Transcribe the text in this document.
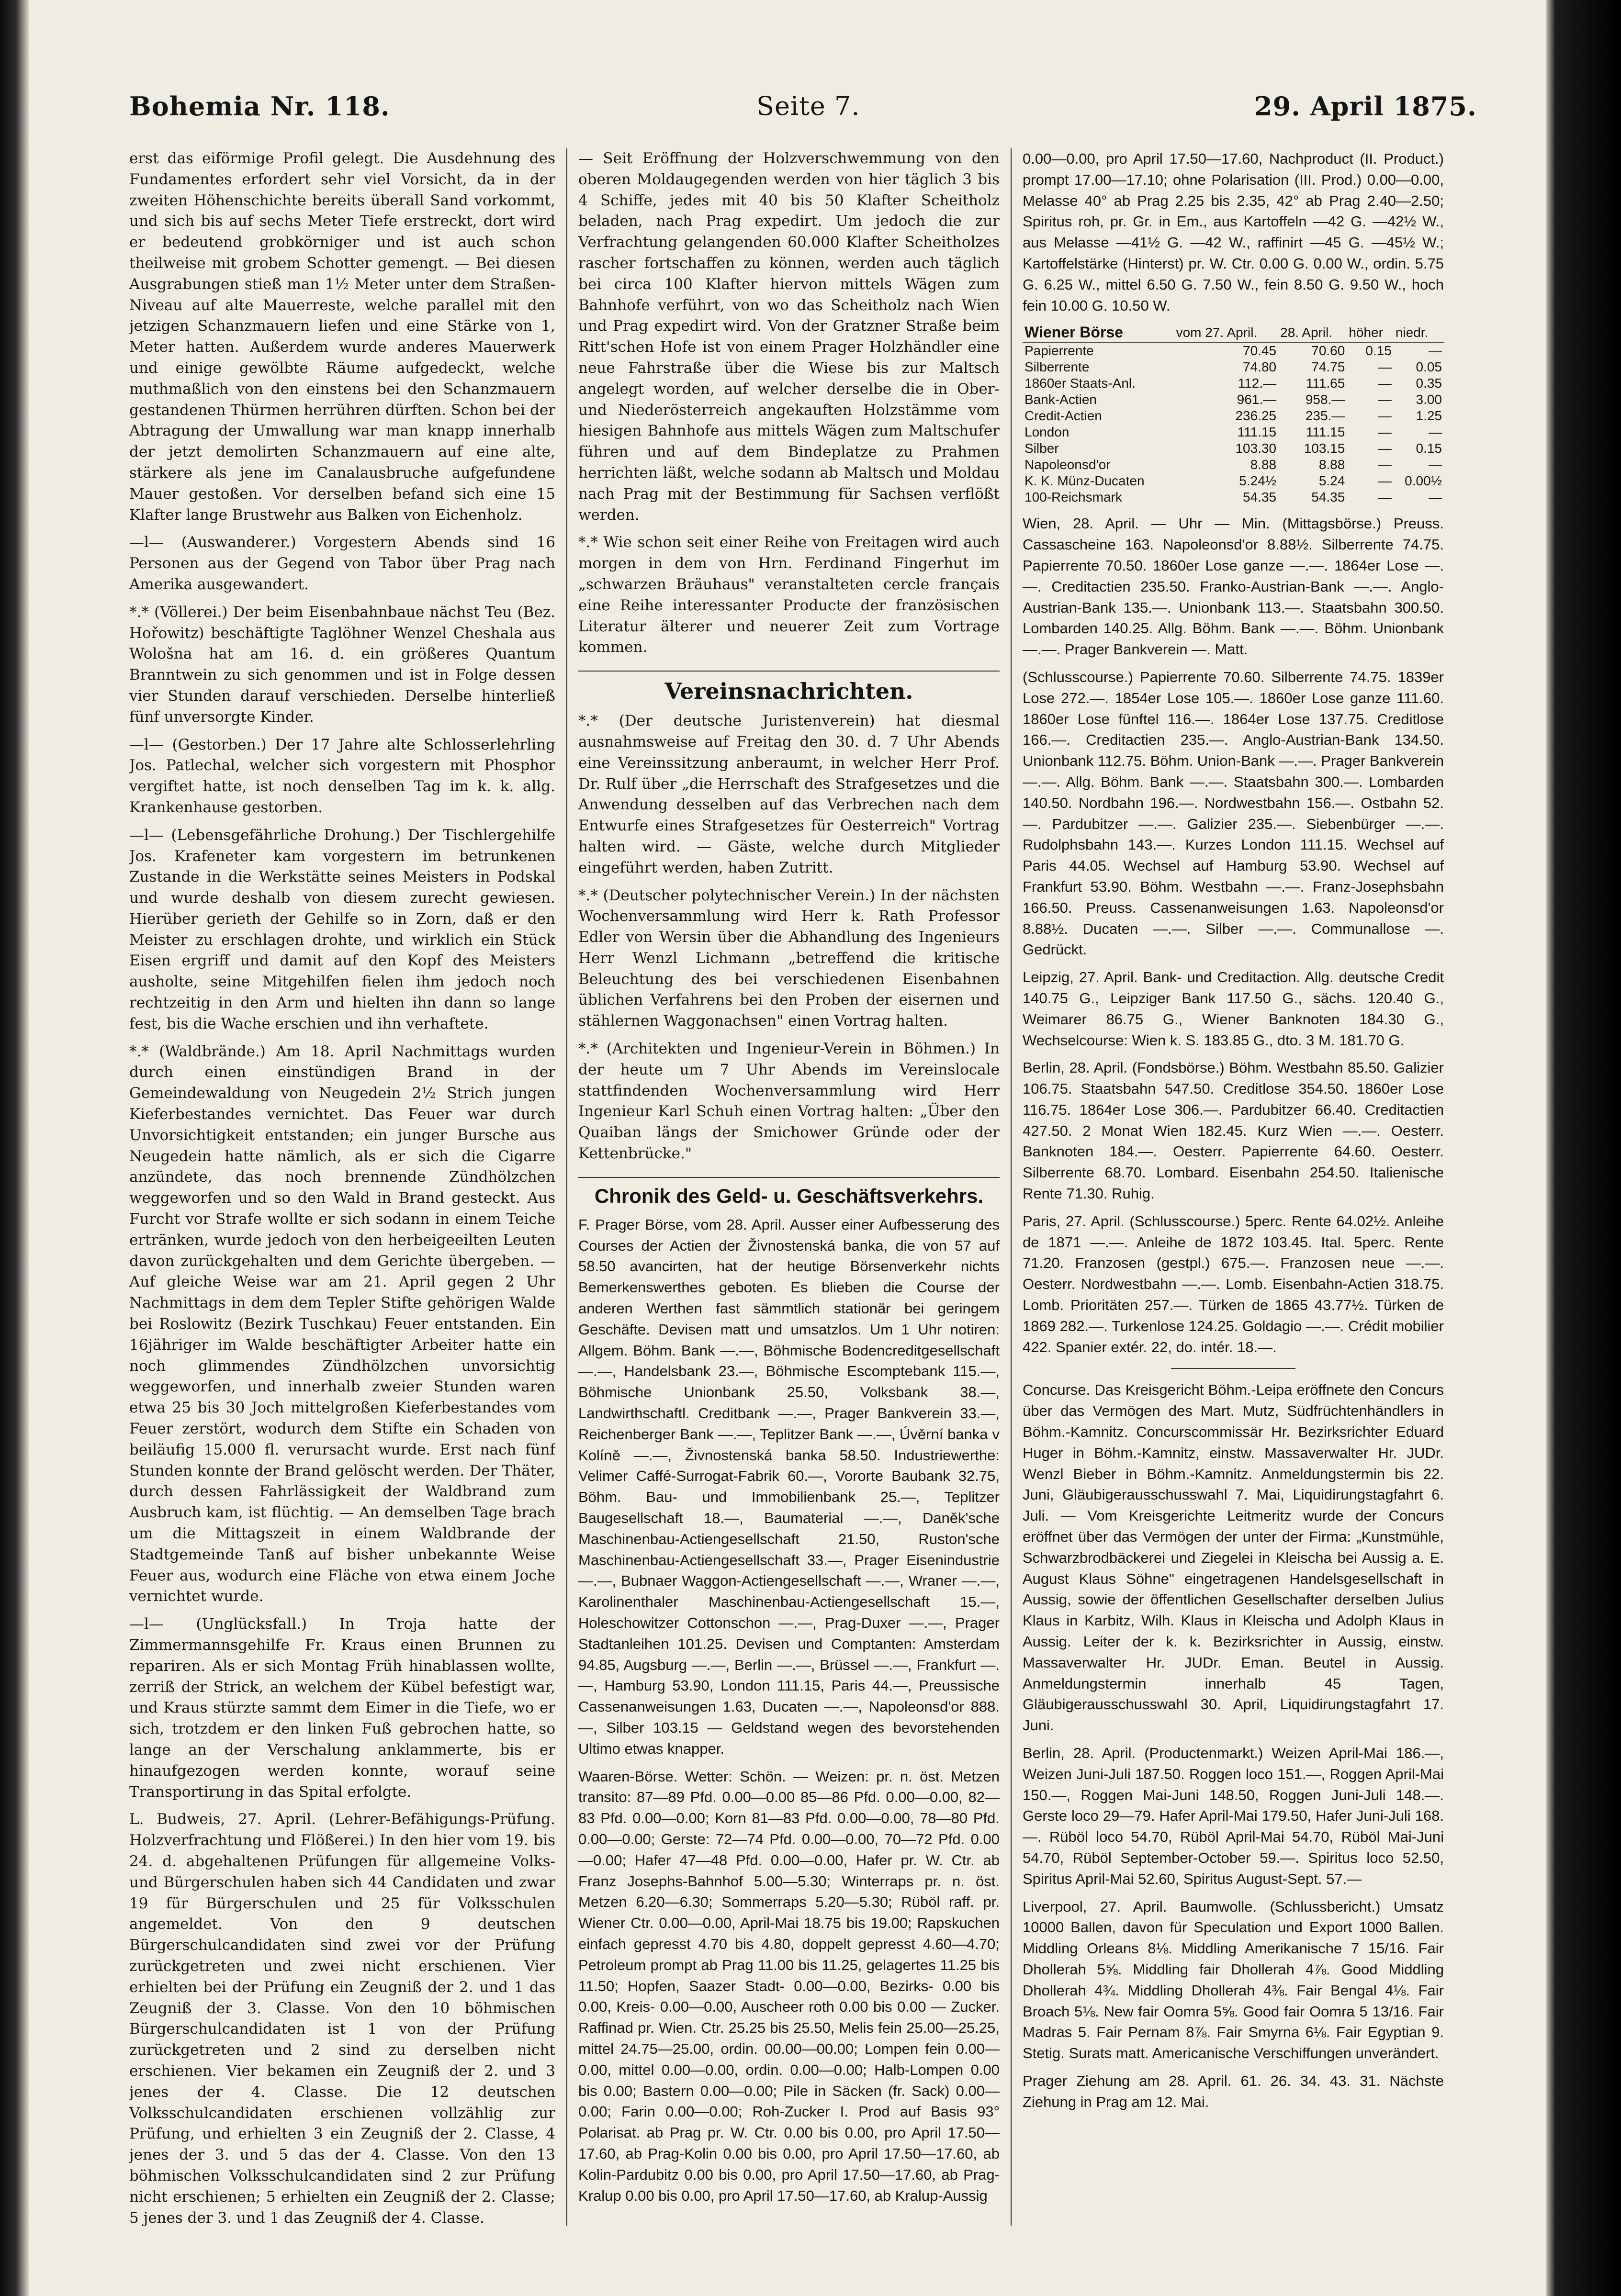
Bohemia Nr. 118.	Seite 7.	29. April 1875.

erst das eiförmige Profil gelegt. Die Ausdehnung des Fundamentes erfordert sehr viel Vorsicht, da in der zweiten Höhenschichte bereits überall Sand vorkommt, und sich bis auf sechs Meter Tiefe erstreckt, dort wird er bedeutend grobkörniger und ist auch schon theilweise mit grobem Schotter gemengt. — Bei diesen Ausgrabungen stieß man 1½ Meter unter dem Straßen-Niveau auf alte Mauerreste, welche parallel mit den jetzigen Schanzmauern liefen und eine Stärke von 1, Meter hatten. Außerdem wurde anderes Mauerwerk und einige gewölbte Räume aufgedeckt, welche muthmaßlich von den einstens bei den Schanzmauern gestandenen Thürmen herrühren dürften. Schon bei der Abtragung der Umwallung war man knapp innerhalb der jetzt demolirten Schanzmauern auf eine alte, stärkere als jene im Canalausbruche aufgefundene Mauer gestoßen. Vor derselben befand sich eine 15 Klafter lange Brustwehr aus Balken von Eichenholz.

—l— (Auswanderer.) Vorgestern Abends sind 16 Personen aus der Gegend von Tabor über Prag nach Amerika ausgewandert.

*.* (Völlerei.) Der beim Eisenbahnbaue nächst Teu (Bez. Hořowitz) beschäftigte Taglöhner Wenzel Cheshala aus Wološna hat am 16. d. ein größeres Quantum Branntwein zu sich genommen und ist in Folge dessen vier Stunden darauf verschieden. Derselbe hinterließ fünf unversorgte Kinder.

—l— (Gestorben.) Der 17 Jahre alte Schlosserlehrling Jos. Patlechal, welcher sich vorgestern mit Phosphor vergiftet hatte, ist noch denselben Tag im k. k. allg. Krankenhause gestorben.

—l— (Lebensgefährliche Drohung.) Der Tischlergehilfe Jos. Krafeneter kam vorgestern im betrunkenen Zustande in die Werkstätte seines Meisters in Podskal und wurde deshalb von diesem zurecht gewiesen. Hierüber gerieth der Gehilfe so in Zorn, daß er den Meister zu erschlagen drohte, und wirklich ein Stück Eisen ergriff und damit auf den Kopf des Meisters ausholte, seine Mitgehilfen fielen ihm jedoch noch rechtzeitig in den Arm und hielten ihn dann so lange fest, bis die Wache erschien und ihn verhaftete.

*.* (Waldbrände.) Am 18. April Nachmittags wurden durch einen einstündigen Brand in der Gemeindewaldung von Neugedein 2½ Strich jungen Kieferbestandes vernichtet. Das Feuer war durch Unvorsichtigkeit entstanden; ein junger Bursche aus Neugedein hatte nämlich, als er sich die Cigarre anzündete, das noch brennende Zündhölzchen weggeworfen und so den Wald in Brand gesteckt. Aus Furcht vor Strafe wollte er sich sodann in einem Teiche ertränken, wurde jedoch von den herbeigeeilten Leuten davon zurückgehalten und dem Gerichte übergeben. — Auf gleiche Weise war am 21. April gegen 2 Uhr Nachmittags in dem dem Tepler Stifte gehörigen Walde bei Roslowitz (Bezirk Tuschkau) Feuer entstanden. Ein 16jähriger im Walde beschäftigter Arbeiter hatte ein noch glimmendes Zündhölzchen unvorsichtig weggeworfen, und innerhalb zweier Stunden waren etwa 25 bis 30 Joch mittelgroßen Kieferbestandes vom Feuer zerstört, wodurch dem Stifte ein Schaden von beiläufig 15.000 fl. verursacht wurde. Erst nach fünf Stunden konnte der Brand gelöscht werden. Der Thäter, durch dessen Fahrlässigkeit der Waldbrand zum Ausbruch kam, ist flüchtig. — An demselben Tage brach um die Mittagszeit in einem Waldbrande der Stadtgemeinde Tanß auf bisher unbekannte Weise Feuer aus, wodurch eine Fläche von etwa einem Joche vernichtet wurde.

—l— (Unglücksfall.) In Troja hatte der Zimmermannsgehilfe Fr. Kraus einen Brunnen zu repariren. Als er sich Montag Früh hinablassen wollte, zerriß der Strick, an welchem der Kübel befestigt war, und Kraus stürzte sammt dem Eimer in die Tiefe, wo er sich, trotzdem er den linken Fuß gebrochen hatte, so lange an der Verschalung anklammerte, bis er hinaufgezogen werden konnte, worauf seine Transportirung in das Spital erfolgte.

L. Budweis, 27. April. (Lehrer-Befähigungs-Prüfung. Holzverfrachtung und Flößerei.) In den hier vom 19. bis 24. d. abgehaltenen Prüfungen für allgemeine Volks- und Bürgerschulen haben sich 44 Candidaten und zwar 19 für Bürgerschulen und 25 für Volksschulen angemeldet. Von den 9 deutschen Bürgerschulcandidaten sind zwei vor der Prüfung zurückgetreten und zwei nicht erschienen. Vier erhielten bei der Prüfung ein Zeugniß der 2. und 1 das Zeugniß der 3. Classe. Von den 10 böhmischen Bürgerschulcandidaten ist 1 von der Prüfung zurückgetreten und 2 sind zu derselben nicht erschienen. Vier bekamen ein Zeugniß der 2. und 3 jenes der 4. Classe. Die 12 deutschen Volksschulcandidaten erschienen vollzählig zur Prüfung, und erhielten 3 ein Zeugniß der 2. Classe, 4 jenes der 3. und 5 das der 4. Classe. Von den 13 böhmischen Volksschulcandidaten sind 2 zur Prüfung nicht erschienen; 5 erhielten ein Zeugniß der 2. Classe; 5 jenes der 3. und 1 das Zeugniß der 4. Classe.

— Seit Eröffnung der Holzverschwemmung von den oberen Moldaugegenden werden von hier täglich 3 bis 4 Schiffe, jedes mit 40 bis 50 Klafter Scheitholz beladen, nach Prag expedirt. Um jedoch die zur Verfrachtung gelangenden 60.000 Klafter Scheitholzes rascher fortschaffen zu können, werden auch täglich bei circa 100 Klafter hiervon mittels Wägen zum Bahnhofe verführt, von wo das Scheitholz nach Wien und Prag expedirt wird. Von der Gratzner Straße beim Ritt'schen Hofe ist von einem Prager Holzhändler eine neue Fahrstraße über die Wiese bis zur Maltsch angelegt worden, auf welcher derselbe die in Ober- und Niederösterreich angekauften Holzstämme vom hiesigen Bahnhofe aus mittels Wägen zum Maltschufer führen und auf dem Bindeplatze zu Prahmen herrichten läßt, welche sodann ab Maltsch und Moldau nach Prag mit der Bestimmung für Sachsen verflößt werden.

*.* Wie schon seit einer Reihe von Freitagen wird auch morgen in dem von Hrn. Ferdinand Fingerhut im „schwarzen Bräuhaus" veranstalteten cercle français eine Reihe interessanter Producte der französischen Literatur älterer und neuerer Zeit zum Vortrage kommen.

Vereinsnachrichten.

*.* (Der deutsche Juristenverein) hat diesmal ausnahmsweise auf Freitag den 30. d. 7 Uhr Abends eine Vereinssitzung anberaumt, in welcher Herr Prof. Dr. Rulf über „die Herrschaft des Strafgesetzes und die Anwendung desselben auf das Verbrechen nach dem Entwurfe eines Strafgesetzes für Oesterreich" Vortrag halten wird. — Gäste, welche durch Mitglieder eingeführt werden, haben Zutritt.

*.* (Deutscher polytechnischer Verein.) In der nächsten Wochenversammlung wird Herr k. Rath Professor Edler von Wersin über die Abhandlung des Ingenieurs Herr Wenzl Lichmann „betreffend die kritische Beleuchtung des bei verschiedenen Eisenbahnen üblichen Verfahrens bei den Proben der eisernen und stählernen Waggonachsen" einen Vortrag halten.

*.* (Architekten und Ingenieur-Verein in Böhmen.) In der heute um 7 Uhr Abends im Vereinslocale stattfindenden Wochenversammlung wird Herr Ingenieur Karl Schuh einen Vortrag halten: „Über den Quaiban längs der Smichower Gründe oder der Kettenbrücke."

Chronik des Geld- u. Geschäftsverkehrs.

F. Prager Börse, vom 28. April. Ausser einer Aufbesserung des Courses der Actien der Živnostenská banka, die von 57 auf 58.50 avancirten, hat der heutige Börsenverkehr nichts Bemerkenswerthes geboten. Es blieben die Course der anderen Werthen fast sämmtlich stationär bei geringem Geschäfte. Devisen matt und umsatzlos. Um 1 Uhr notiren: Allgem. Böhm. Bank —.—, Böhmische Bodencreditgesellschaft —.—, Handelsbank 23.—, Böhmische Escomptebank 115.—, Böhmische Unionbank 25.50, Volksbank 38.—, Landwirthschaftl. Creditbank —.—, Prager Bankverein 33.—, Reichenberger Bank —.—, Teplitzer Bank —.—, Úvěrní banka v Kolíně —.—, Živnostenská banka 58.50. Industriewerthe: Velimer Caffé-Surrogat-Fabrik 60.—, Vororte Baubank 32.75, Böhm. Bau- und Immobilienbank 25.—, Teplitzer Baugesellschaft 18.—, Baumaterial —.—, Daněk'sche Maschinenbau-Actiengesellschaft 21.50, Ruston'sche Maschinenbau-Actiengesellschaft 33.—, Prager Eisenindustrie —.—, Bubnaer Waggon-Actiengesellschaft —.—, Wraner —.—, Karolinenthaler Maschinenbau-Actiengesellschaft 15.—, Holeschowitzer Cottonschon —.—, Prag-Duxer —.—, Prager Stadtanleihen 101.25. Devisen und Comptanten: Amsterdam 94.85, Augsburg —.—, Berlin —.—, Brüssel —.—, Frankfurt —.—, Hamburg 53.90, London 111.15, Paris 44.—, Preussische Cassenanweisungen 1.63, Ducaten —.—, Napoleonsd'or 888.—, Silber 103.15 — Geldstand wegen des bevorstehenden Ultimo etwas knapper.

Waaren-Börse. Wetter: Schön. — Weizen: pr. n. öst. Metzen transito: 87—89 Pfd. 0.00—0.00 85—86 Pfd. 0.00—0.00, 82—83 Pfd. 0.00—0.00; Korn 81—83 Pfd. 0.00—0.00, 78—80 Pfd. 0.00—0.00; Gerste: 72—74 Pfd. 0.00—0.00, 70—72 Pfd. 0.00—0.00; Hafer 47—48 Pfd. 0.00—0.00, Hafer pr. W. Ctr. ab Franz Josephs-Bahnhof 5.00—5.30; Winterraps pr. n. öst. Metzen 6.20—6.30; Sommerraps 5.20—5.30; Rüböl raff. pr. Wiener Ctr. 0.00—0.00, April-Mai 18.75 bis 19.00; Rapskuchen einfach gepresst 4.70 bis 4.80, doppelt gepresst 4.60—4.70; Petroleum prompt ab Prag 11.00 bis 11.25, gelagertes 11.25 bis 11.50; Hopfen, Saazer Stadt- 0.00—0.00, Bezirks- 0.00 bis 0.00, Kreis- 0.00—0.00, Auscheer roth 0.00 bis 0.00 — Zucker. Raffinad pr. Wien. Ctr. 25.25 bis 25.50, Melis fein 25.00—25.25, mittel 24.75—25.00, ordin. 00.00—00.00; Lompen fein 0.00—0.00, mittel 0.00—0.00, ordin. 0.00—0.00; Halb-Lompen 0.00 bis 0.00; Bastern 0.00—0.00; Pile in Säcken (fr. Sack) 0.00—0.00; Farin 0.00—0.00; Roh-Zucker I. Prod auf Basis 93° Polarisat. ab Prag pr. W. Ctr. 0.00 bis 0.00, pro April 17.50—17.60, ab Prag-Kolin 0.00 bis 0.00, pro April 17.50—17.60, ab Kolin-Pardubitz 0.00 bis 0.00, pro April 17.50—17.60, ab Prag-Kralup 0.00 bis 0.00, pro April 17.50—17.60, ab Kralup-Aussig

0.00—0.00, pro April 17.50—17.60, Nachproduct (II. Product.) prompt 17.00—17.10; ohne Polarisation (III. Prod.) 0.00—0.00, Melasse 40° ab Prag 2.25 bis 2.35, 42° ab Prag 2.40—2.50; Spiritus roh, pr. Gr. in Em., aus Kartoffeln —42 G. —42½ W., aus Melasse —41½ G. —42 W., raffinirt —45 G. —45½ W.; Kartoffelstärke (Hinterst) pr. W. Ctr. 0.00 G. 0.00 W., ordin. 5.75 G. 6.25 W., mittel 6.50 G. 7.50 W., fein 8.50 G. 9.50 W., hoch fein 10.00 G. 10.50 W.

Wiener Börse	vom 27. April.	28. April.	höher	niedr.
Papierrente	70.45	70.60	0.15	—
Silberrente	74.80	74.75	—	0.05
1860er Staats-Anl.	112.—	111.65	—	0.35
Bank-Actien	961.—	958.—	—	3.00
Credit-Actien	236.25	235.—	—	1.25
London	111.15	111.15	—	—
Silber	103.30	103.15	—	0.15
Napoleonsd'or	8.88	8.88	—	—
K. K. Münz-Ducaten	5.24½	5.24	—	0.00½
100-Reichsmark	54.35	54.35	—	—

Wien, 28. April. — Uhr — Min. (Mittagsbörse.) Preuss. Cassascheine 163. Napoleonsd'or 8.88½. Silberrente 74.75. Papierrente 70.50. 1860er Lose ganze —.—. 1864er Lose —.—. Creditactien 235.50. Franko-Austrian-Bank —.—. Anglo-Austrian-Bank 135.—. Unionbank 113.—. Staatsbahn 300.50. Lombarden 140.25. Allg. Böhm. Bank —.—. Böhm. Unionbank —.—. Prager Bankverein —. Matt.

(Schlusscourse.) Papierrente 70.60. Silberrente 74.75. 1839er Lose 272.—. 1854er Lose 105.—. 1860er Lose ganze 111.60. 1860er Lose fünftel 116.—. 1864er Lose 137.75. Creditlose 166.—. Creditactien 235.—. Anglo-Austrian-Bank 134.50. Unionbank 112.75. Böhm. Union-Bank —.—. Prager Bankverein —.—. Allg. Böhm. Bank —.—. Staatsbahn 300.—. Lombarden 140.50. Nordbahn 196.—. Nordwestbahn 156.—. Ostbahn 52.—. Pardubitzer —.—. Galizier 235.—. Siebenbürger —.—. Rudolphsbahn 143.—. Kurzes London 111.15. Wechsel auf Paris 44.05. Wechsel auf Hamburg 53.90. Wechsel auf Frankfurt 53.90. Böhm. Westbahn —.—. Franz-Josephsbahn 166.50. Preuss. Cassenanweisungen 1.63. Napoleonsd'or 8.88½. Ducaten —.—. Silber —.—. Communallose —. Gedrückt.

Leipzig, 27. April. Bank- und Creditaction. Allg. deutsche Credit 140.75 G., Leipziger Bank 117.50 G., sächs. 120.40 G., Weimarer 86.75 G., Wiener Banknoten 184.30 G., Wechselcourse: Wien k. S. 183.85 G., dto. 3 M. 181.70 G.

Berlin, 28. April. (Fondsbörse.) Böhm. Westbahn 85.50. Galizier 106.75. Staatsbahn 547.50. Creditlose 354.50. 1860er Lose 116.75. 1864er Lose 306.—. Pardubitzer 66.40. Creditactien 427.50. 2 Monat Wien 182.45. Kurz Wien —.—. Oesterr. Banknoten 184.—. Oesterr. Papierrente 64.60. Oesterr. Silberrente 68.70. Lombard. Eisenbahn 254.50. Italienische Rente 71.30. Ruhig.

Paris, 27. April. (Schlusscourse.) 5perc. Rente 64.02½. Anleihe de 1871 —.—. Anleihe de 1872 103.45. Ital. 5perc. Rente 71.20. Franzosen (gestpl.) 675.—. Franzosen neue —.—. Oesterr. Nordwestbahn —.—. Lomb. Eisenbahn-Actien 318.75. Lomb. Prioritäten 257.—. Türken de 1865 43.77½. Türken de 1869 282.—. Turkenlose 124.25. Goldagio —.—. Crédit mobilier 422. Spanier extér. 22, do. intér. 18.—.

Concurse. Das Kreisgericht Böhm.-Leipa eröffnete den Concurs über das Vermögen des Mart. Mutz, Südfrüchtenhändlers in Böhm.-Kamnitz. Concurscommissär Hr. Bezirksrichter Eduard Huger in Böhm.-Kamnitz, einstw. Massaverwalter Hr. JUDr. Wenzl Bieber in Böhm.-Kamnitz. Anmeldungstermin bis 22. Juni, Gläubigerausschusswahl 7. Mai, Liquidirungstagfahrt 6. Juli. — Vom Kreisgerichte Leitmeritz wurde der Concurs eröffnet über das Vermögen der unter der Firma: „Kunstmühle, Schwarzbrodbäckerei und Ziegelei in Kleischa bei Aussig a. E. August Klaus Söhne" eingetragenen Handelsgesellschaft in Aussig, sowie der öffentlichen Gesellschafter derselben Julius Klaus in Karbitz, Wilh. Klaus in Kleischa und Adolph Klaus in Aussig. Leiter der k. k. Bezirksrichter in Aussig, einstw. Massaverwalter Hr. JUDr. Eman. Beutel in Aussig. Anmeldungstermin innerhalb 45 Tagen, Gläubigerausschusswahl 30. April, Liquidirungstagfahrt 17. Juni.

Berlin, 28. April. (Productenmarkt.) Weizen April-Mai 186.—, Weizen Juni-Juli 187.50. Roggen loco 151.—, Roggen April-Mai 150.—, Roggen Mai-Juni 148.50, Roggen Juni-Juli 148.—. Gerste loco 29—79. Hafer April-Mai 179.50, Hafer Juni-Juli 168.—. Rüböl loco 54.70, Rüböl April-Mai 54.70, Rüböl Mai-Juni 54.70, Rüböl September-October 59.—. Spiritus loco 52.50, Spiritus April-Mai 52.60, Spiritus August-Sept. 57.—

Liverpool, 27. April. Baumwolle. (Schlussbericht.) Umsatz 10000 Ballen, davon für Speculation und Export 1000 Ballen. Middling Orleans 8⅛. Middling Amerikanische 7 15/16. Fair Dhollerah 5⅝. Middling fair Dhollerah 4⅞. Good Middling Dhollerah 4¾. Middling Dhollerah 4⅜. Fair Bengal 4⅛. Fair Broach 5⅛. New fair Oomra 5⅝. Good fair Oomra 5 13/16. Fair Madras 5. Fair Pernam 8⅞. Fair Smyrna 6⅛. Fair Egyptian 9. Stetig. Surats matt. Americanische Verschiffungen unverändert.

Prager Ziehung am 28. April. 61. 26. 34. 43. 31. Nächste Ziehung in Prag am 12. Mai.
